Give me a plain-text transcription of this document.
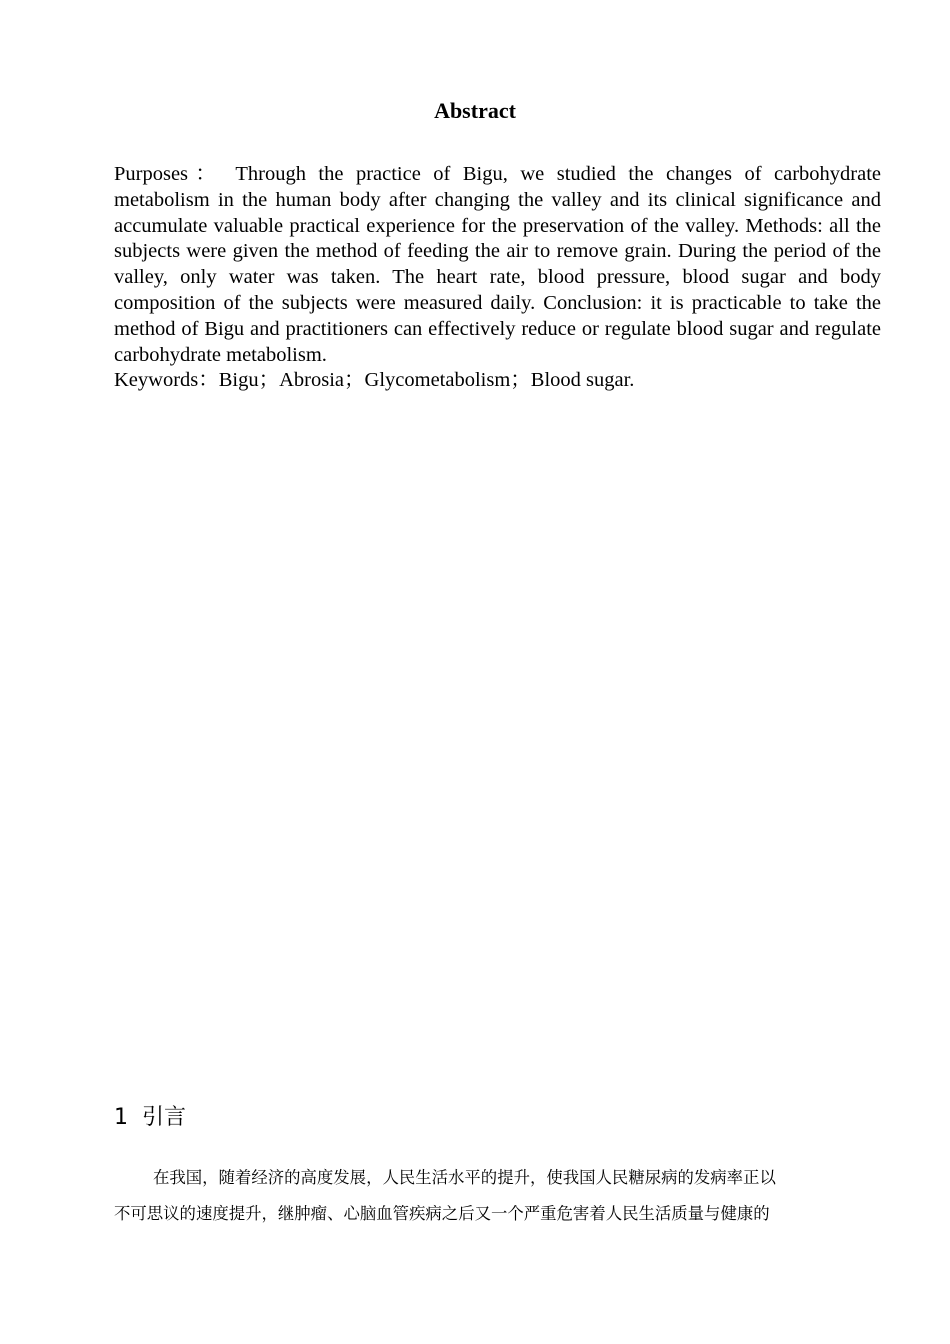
Abstract

Purposes： Through the practice of Bigu, we studied the changes of carbohydrate metabolism in the human body after changing the valley and its clinical significance and accumulate valuable practical experience for the preservation of the valley. Methods: all the subjects were given the method of feeding the air to remove grain. During the period of the valley, only water was taken. The heart rate, blood pressure, blood sugar and body composition of the subjects were measured daily. Conclusion: it is practicable to take the method of Bigu and practitioners can effectively reduce or regulate blood sugar and regulate carbohydrate metabolism.

Keywords：Bigu；Abrosia；Glycometabolism；Blood sugar.

1 引言

在我国，随着经济的高度发展，人民生活水平的提升，使我国人民糖尿病的发病率正以

不可思议的速度提升，继肿瘤、心脑血管疾病之后又一个严重危害着人民生活质量与健康的
